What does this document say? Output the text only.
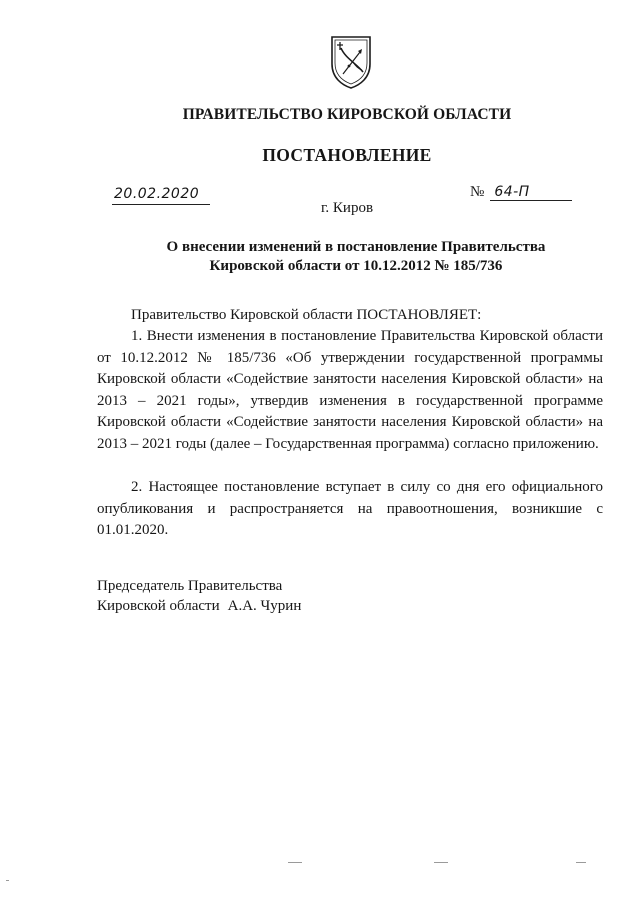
ПРАВИТЕЛЬСТВО КИРОВСКОЙ ОБЛАСТИ
ПОСТАНОВЛЕНИЕ
20.02.2020	№ 64-П
г. Киров
О внесении изменений в постановление Правительства
Кировской области от 10.12.2012 № 185/736
Правительство Кировской области ПОСТАНОВЛЯЕТ:
1. Внести изменения в постановление Правительства Кировской области от 10.12.2012 № 185/736 «Об утверждении государственной программы Кировской области «Содействие занятости населения Кировской области» на 2013 – 2021 годы», утвердив изменения в государственной программе Кировской области «Содействие занятости населения Кировской области» на 2013 – 2021 годы (далее – Государственная программа) согласно приложению.
2. Настоящее постановление вступает в силу со дня его официального опубликования и распространяется на правоотношения, возникшие с 01.01.2020.
Председатель Правительства
Кировской области А.А. Чурин
